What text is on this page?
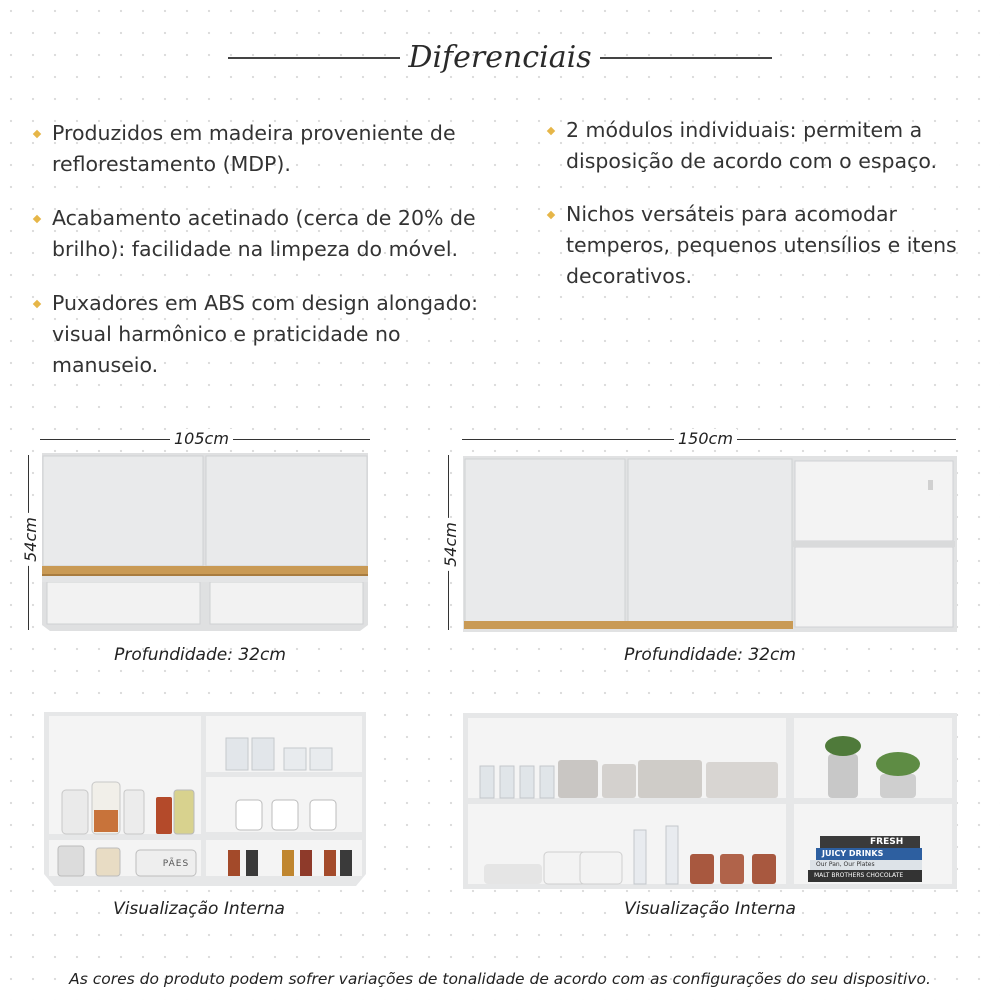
Diferenciais
Produzidos em madeira proveniente de reflorestamento (MDP).
Acabamento acetinado (cerca de 20% de brilho): facilidade na limpeza do móvel.
Puxadores em ABS com design alongado: visual harmônico e praticidade no manuseio.
2 módulos individuais: permitem a disposição de acordo com o espaço.
Nichos versáteis para acomodar temperos, pequenos utensílios e itens decorativos.
105cm
54cm
150cm
54cm
Profundidade: 32cm	Profundidade: 32cm
PÃES
Visualização Interna
FRESH
JUICY DRINKS
Our Pan, Our Plates
MALT BROTHERS CHOCOLATE
Visualização Interna
As cores do produto podem sofrer variações de tonalidade de acordo com as configurações do seu dispositivo.
